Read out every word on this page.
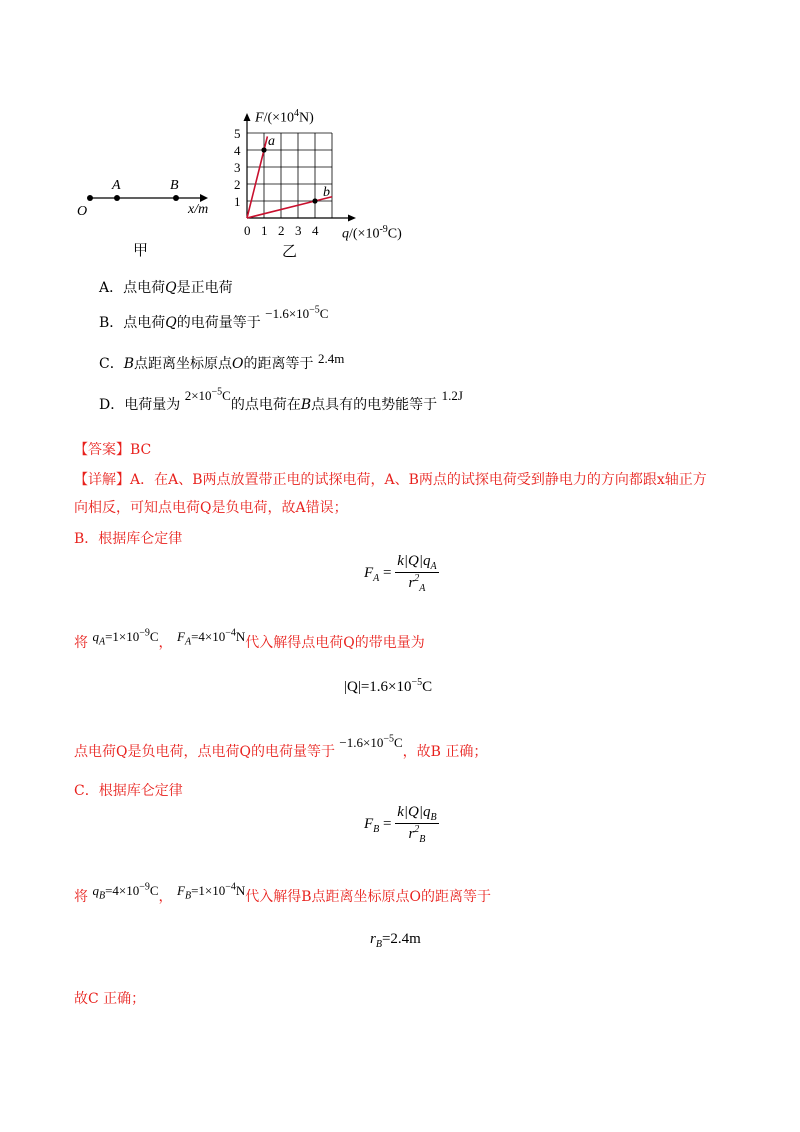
A	B
O	x/m
甲
1
2
3
4
5
0 1 2 3 4
$F/(\times 10^4N)$
$q/(\times 10^{-9}C)$
a
b
乙
A．点电荷Q是正电荷
B．点电荷Q的电荷量等于 $-1.6\times 10^{-5}C$
C．B点距离坐标原点O的距离等于 2.4m
D．电荷量为 $2\times 10^{-5}C$的点电荷在B点具有的电势能等于 1.2J
【答案】BC
【详解】A．在A、B两点放置带正电的试探电荷，A、B两点的试探电荷受到静电力的方向都跟x轴正方
向相反，可知点电荷Q是负电荷，故A错误；
B．根据库仑定律
$F_A = \frac{k|Q|q_A}{r^2_A}$
将 $q_A=1\times 10^{-9}C$， $F_A=4\times 10^{-4}N$代入解得点电荷Q的带电量为
$|Q|=1.6\times 10^{-5}C$
点电荷Q是负电荷，点电荷Q的电荷量等于 $-1.6\times 10^{-5}C$，故B 正确；
C．根据库仑定律
$F_B = \frac{k|Q|q_B}{r^2_B}$
将 $q_B=4\times 10^{-9}C$， $F_B=1\times 10^{-4}N$代入解得B点距离坐标原点O的距离等于
$r_B=2.4m$
故C 正确；
